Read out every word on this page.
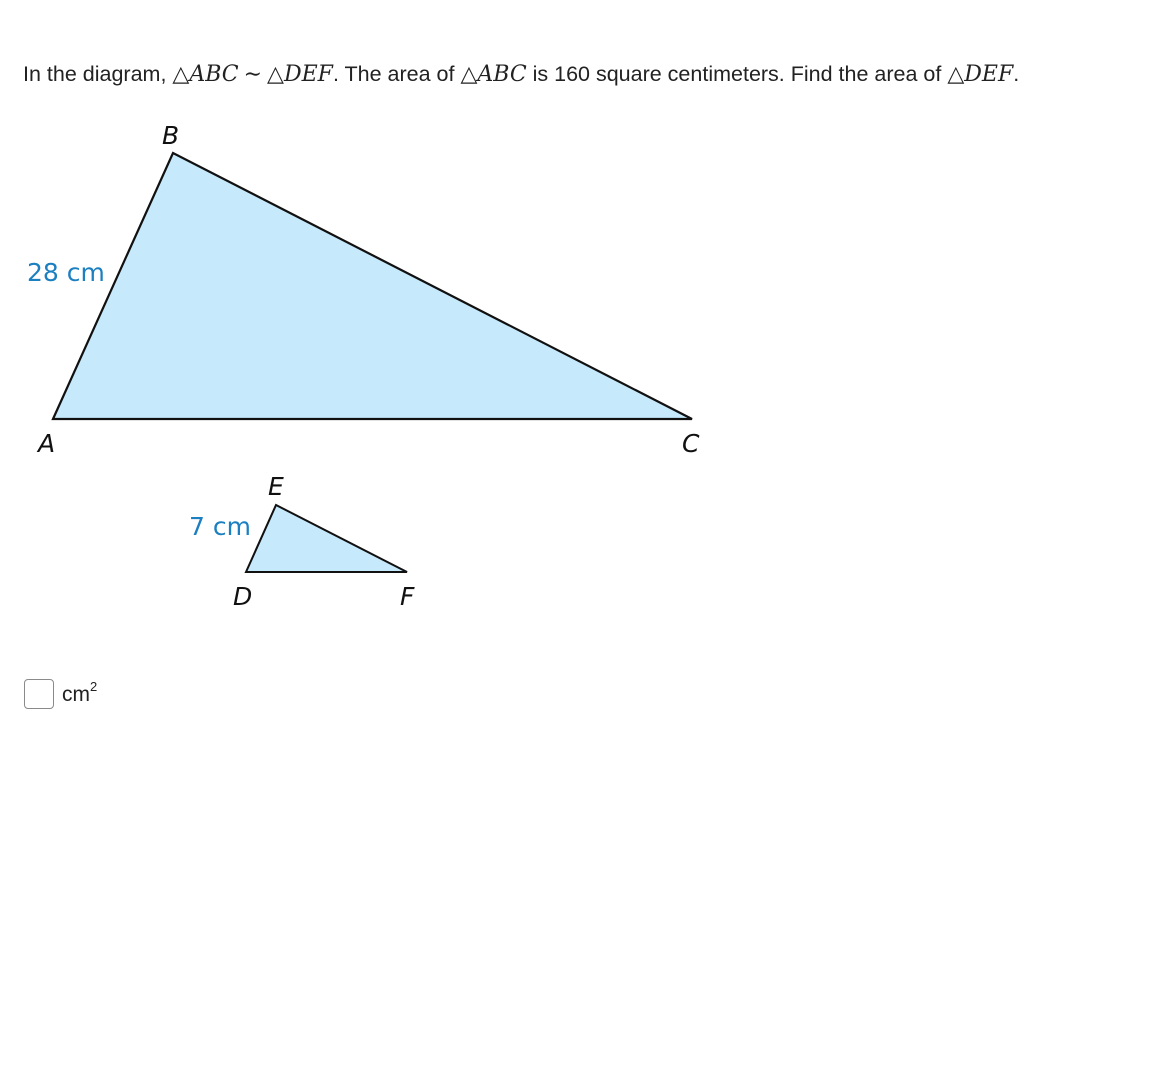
In the diagram, △ABC ∼ △DEF. The area of △ABC is 160 square centimeters. Find the area of △DEF.
B
A	C
28 cm
E
D	F
7 cm
$cm^2$
